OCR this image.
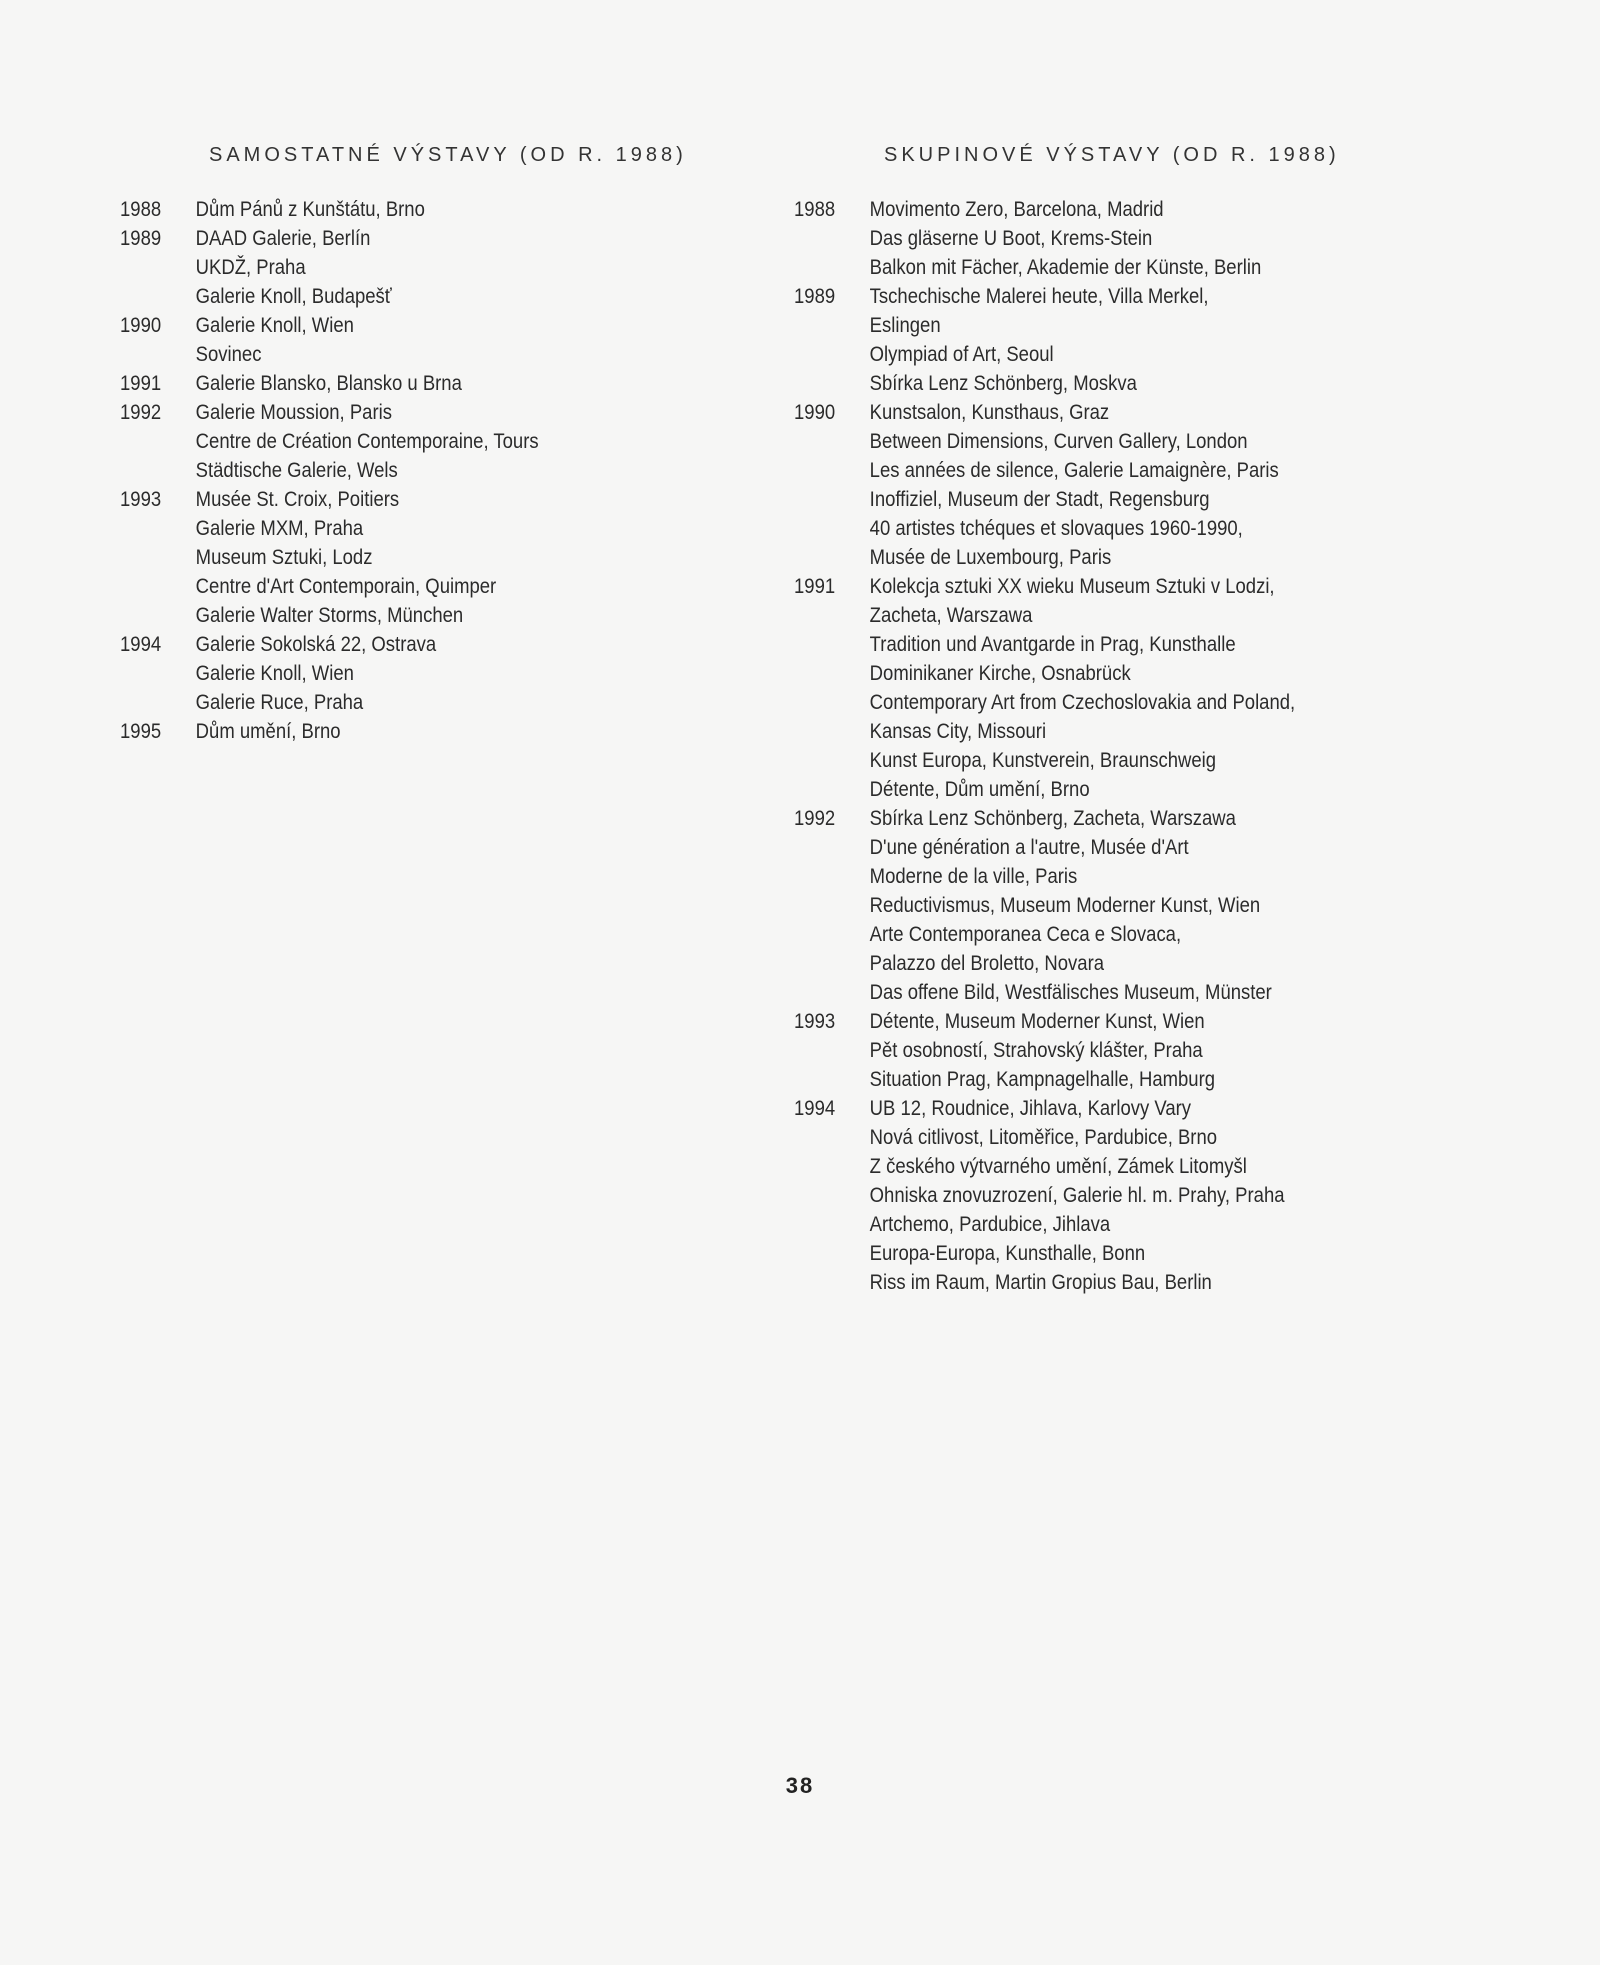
SAMOSTATNÉ VÝSTAVY (OD R. 1988)	SKUPINOVÉ VÝSTAVY (OD R. 1988)
1988	Dům Pánů z Kunštátu, Brno
1989	DAAD Galerie, Berlín
UKDŽ, Praha
Galerie Knoll, Budapešť
1990	Galerie Knoll, Wien
Sovinec
1991	Galerie Blansko, Blansko u Brna
1992	Galerie Moussion, Paris
Centre de Création Contemporaine, Tours
Städtische Galerie, Wels
1993	Musée St. Croix, Poitiers
Galerie MXM, Praha
Museum Sztuki, Lodz
Centre d'Art Contemporain, Quimper
Galerie Walter Storms, München
1994	Galerie Sokolská 22, Ostrava
Galerie Knoll, Wien
Galerie Ruce, Praha
1995	Dům umění, Brno
1988	Movimento Zero, Barcelona, Madrid
Das gläserne U Boot, Krems-Stein
Balkon mit Fächer, Akademie der Künste, Berlin
1989	Tschechische Malerei heute, Villa Merkel,
Eslingen
Olympiad of Art, Seoul
Sbírka Lenz Schönberg, Moskva
1990	Kunstsalon, Kunsthaus, Graz
Between Dimensions, Curven Gallery, London
Les années de silence, Galerie Lamaignère, Paris
Inoffiziel, Museum der Stadt, Regensburg
40 artistes tchéques et slovaques 1960-1990,
Musée de Luxembourg, Paris
1991	Kolekcja sztuki XX wieku Museum Sztuki v Lodzi,
Zacheta, Warszawa
Tradition und Avantgarde in Prag, Kunsthalle
Dominikaner Kirche, Osnabrück
Contemporary Art from Czechoslovakia and Poland,
Kansas City, Missouri
Kunst Europa, Kunstverein, Braunschweig
Détente, Dům umění, Brno
1992	Sbírka Lenz Schönberg, Zacheta, Warszawa
D'une génération a l'autre, Musée d'Art
Moderne de la ville, Paris
Reductivismus, Museum Moderner Kunst, Wien
Arte Contemporanea Ceca e Slovaca,
Palazzo del Broletto, Novara
Das offene Bild, Westfälisches Museum, Münster
1993	Détente, Museum Moderner Kunst, Wien
Pět osobností, Strahovský klášter, Praha
Situation Prag, Kampnagelhalle, Hamburg
1994	UB 12, Roudnice, Jihlava, Karlovy Vary
Nová citlivost, Litoměřice, Pardubice, Brno
Z českého výtvarného umění, Zámek Litomyšl
Ohniska znovuzrození, Galerie hl. m. Prahy, Praha
Artchemo, Pardubice, Jihlava
Europa-Europa, Kunsthalle, Bonn
Riss im Raum, Martin Gropius Bau, Berlin
38
